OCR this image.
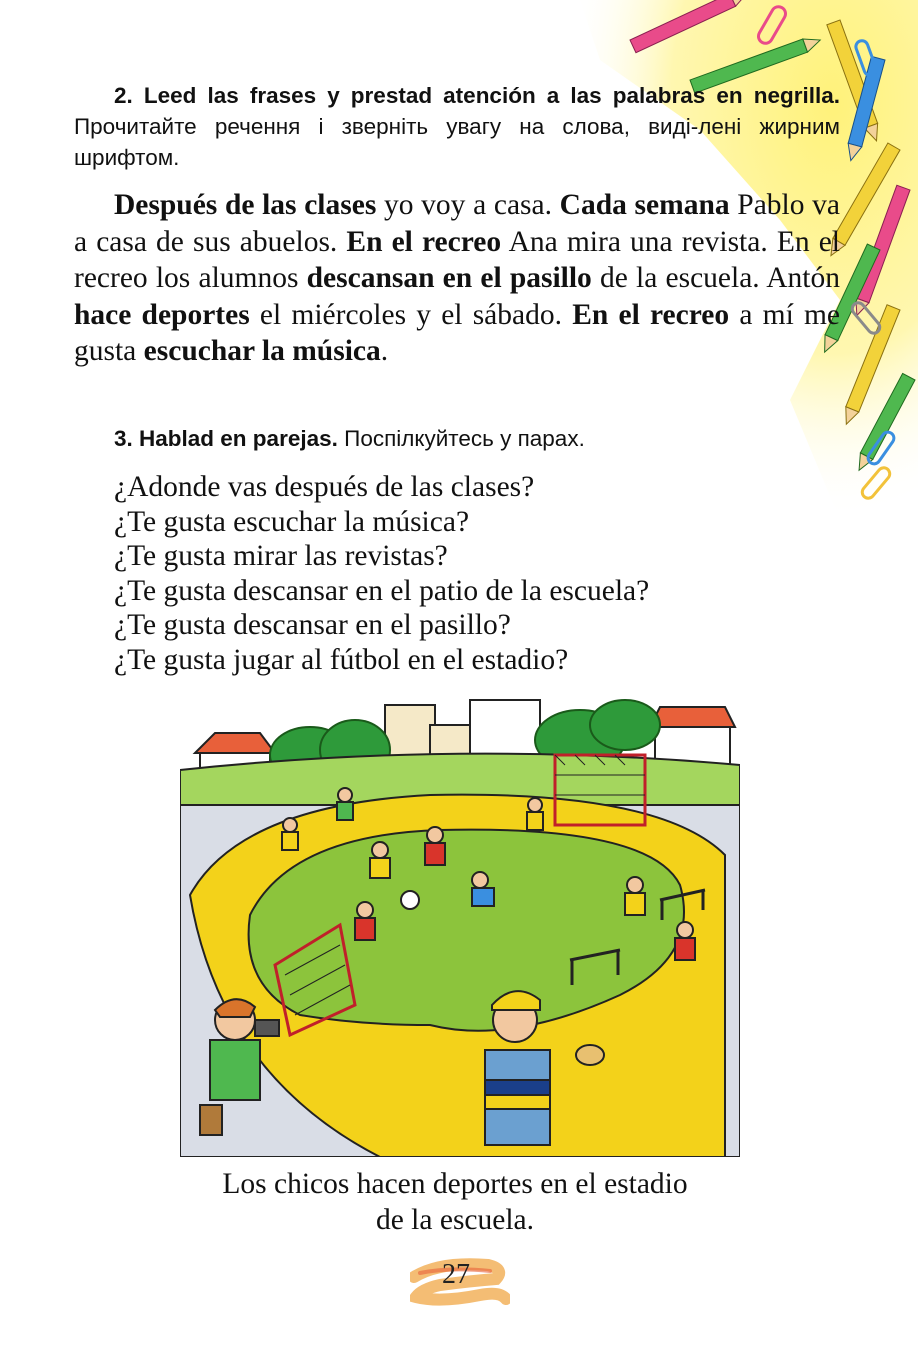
2. Leed las frases y prestad atención a las palabras en negrilla. Прочитайте речення і зверніть увагу на слова, виді-лені жирним шрифтом.
Después de las clases yo voy a casa. Cada semana Pablo va a casa de sus abuelos. En el recreo Ana mira una revista. En el recreo los alumnos descansan en el pasillo de la escuela. Antón hace deportes el miércoles y el sábado. En el recreo a mí me gusta escuchar la música.
3. Hablad en parejas. Поспілкуйтесь у парах.
¿Adonde vas después de las clases?
¿Te gusta escuchar la música?
¿Te gusta mirar las revistas?
¿Te gusta descansar en el patio de la escuela?
¿Te gusta descansar en el pasillo?
¿Te gusta jugar al fútbol en el estadio?
Los chicos hacen deportes en el estadio
de la escuela.
27
